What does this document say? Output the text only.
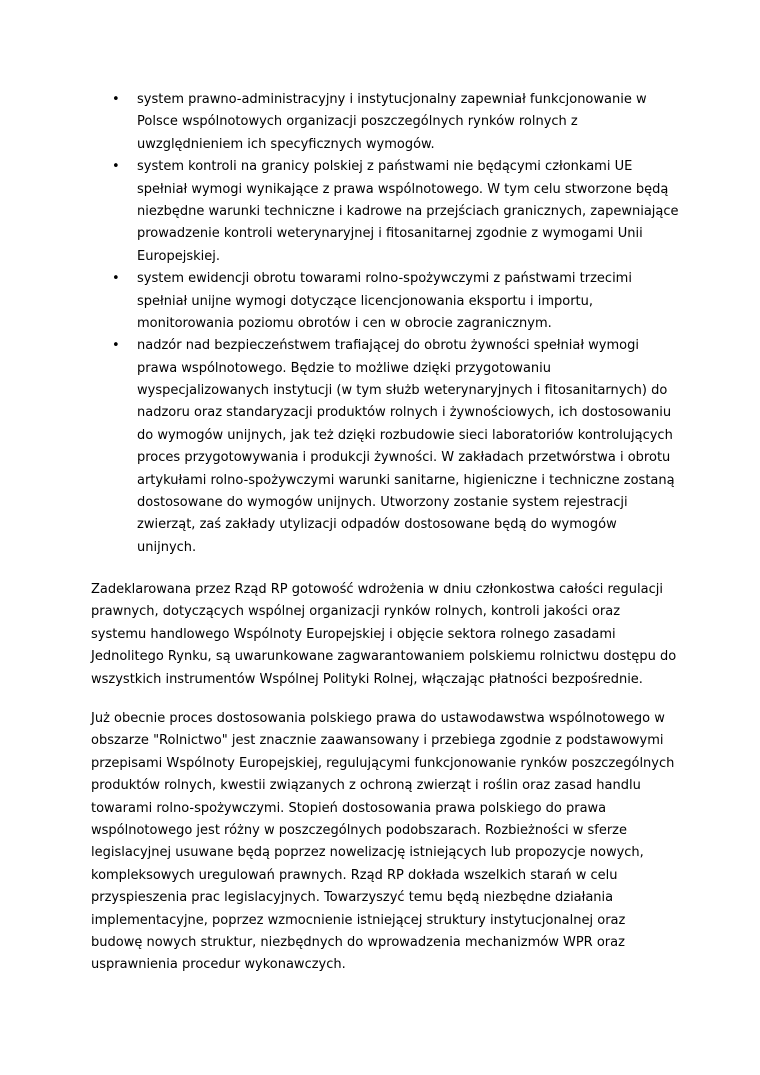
•	system prawno-administracyjny i instytucjonalny zapewniał funkcjonowanie w
Polsce wspólnotowych organizacji poszczególnych rynków rolnych z
uwzględnieniem ich specyficznych wymogów.
•	system kontroli na granicy polskiej z państwami nie będącymi członkami UE
spełniał wymogi wynikające z prawa wspólnotowego. W tym celu stworzone będą
niezbędne warunki techniczne i kadrowe na przejściach granicznych, zapewniające
prowadzenie kontroli weterynaryjnej i fitosanitarnej zgodnie z wymogami Unii
Europejskiej.
•	system ewidencji obrotu towarami rolno-spożywczymi z państwami trzecimi
spełniał unijne wymogi dotyczące licencjonowania eksportu i importu,
monitorowania poziomu obrotów i cen w obrocie zagranicznym.
•	nadzór nad bezpieczeństwem trafiającej do obrotu żywności spełniał wymogi
prawa wspólnotowego. Będzie to możliwe dzięki przygotowaniu
wyspecjalizowanych instytucji (w tym służb weterynaryjnych i fitosanitarnych) do
nadzoru oraz standaryzacji produktów rolnych i żywnościowych, ich dostosowaniu
do wymogów unijnych, jak też dzięki rozbudowie sieci laboratoriów kontrolujących
proces przygotowywania i produkcji żywności. W zakładach przetwórstwa i obrotu
artykułami rolno-spożywczymi warunki sanitarne, higieniczne i techniczne zostaną
dostosowane do wymogów unijnych. Utworzony zostanie system rejestracji
zwierząt, zaś zakłady utylizacji odpadów dostosowane będą do wymogów
unijnych.
Zadeklarowana przez Rząd RP gotowość wdrożenia w dniu członkostwa całości regulacji
prawnych, dotyczących wspólnej organizacji rynków rolnych, kontroli jakości oraz
systemu handlowego Wspólnoty Europejskiej i objęcie sektora rolnego zasadami
Jednolitego Rynku, są uwarunkowane zagwarantowaniem polskiemu rolnictwu dostępu do
wszystkich instrumentów Wspólnej Polityki Rolnej, włączając płatności bezpośrednie.
Już obecnie proces dostosowania polskiego prawa do ustawodawstwa wspólnotowego w
obszarze "Rolnictwo" jest znacznie zaawansowany i przebiega zgodnie z podstawowymi
przepisami Wspólnoty Europejskiej, regulującymi funkcjonowanie rynków poszczególnych
produktów rolnych, kwestii związanych z ochroną zwierząt i roślin oraz zasad handlu
towarami rolno-spożywczymi. Stopień dostosowania prawa polskiego do prawa
wspólnotowego jest różny w poszczególnych podobszarach. Rozbieżności w sferze
legislacyjnej usuwane będą poprzez nowelizację istniejących lub propozycje nowych,
kompleksowych uregulowań prawnych. Rząd RP dokłada wszelkich starań w celu
przyspieszenia prac legislacyjnych. Towarzyszyć temu będą niezbędne działania
implementacyjne, poprzez wzmocnienie istniejącej struktury instytucjonalnej oraz
budowę nowych struktur, niezbędnych do wprowadzenia mechanizmów WPR oraz
usprawnienia procedur wykonawczych.
